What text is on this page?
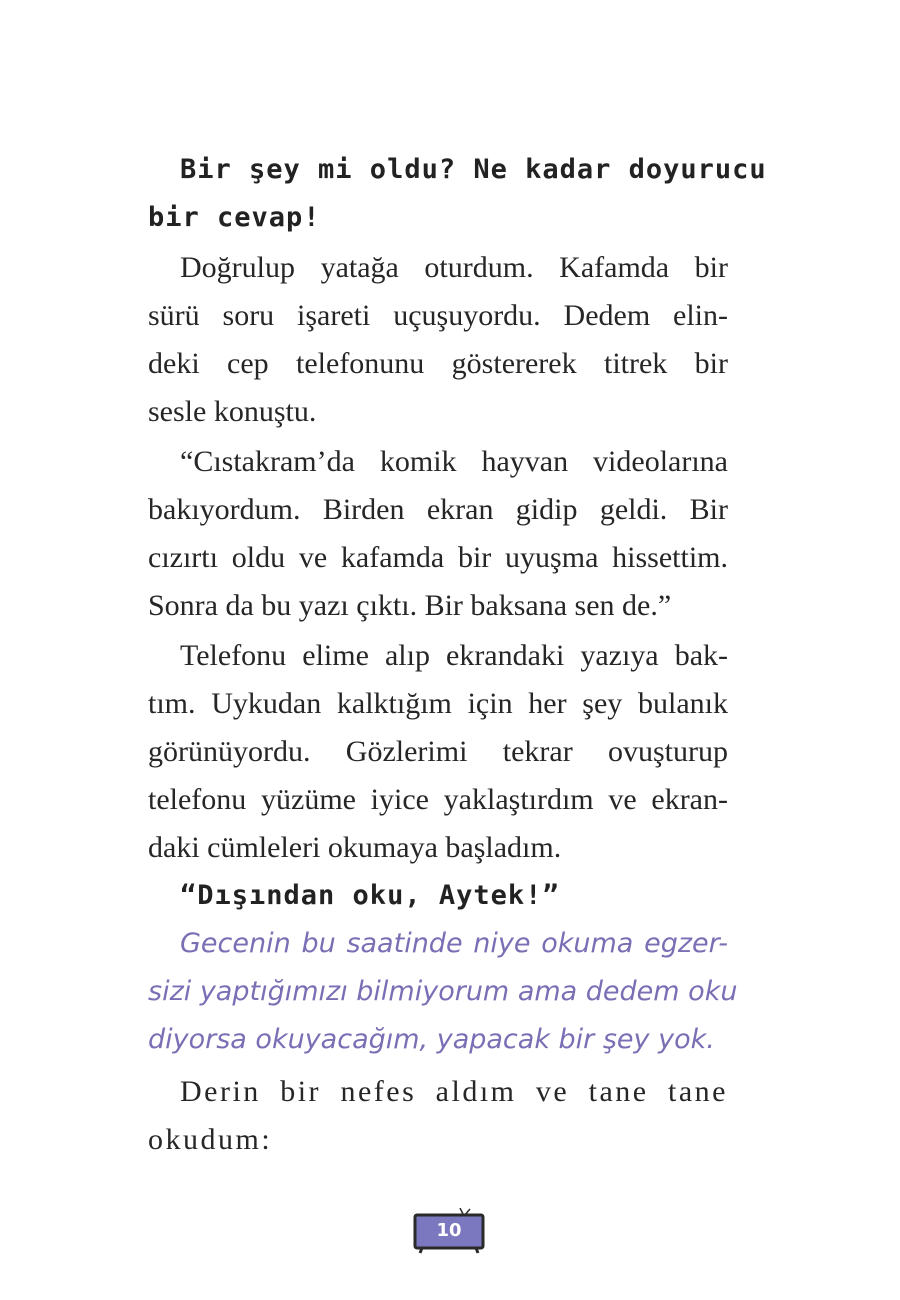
Bir şey mi oldu? Ne kadar doyurucu
bir cevap!
Doğrulup yatağa oturdum. Kafamda bir
sürü soru işareti uçuşuyordu. Dedem elin-
deki cep telefonunu göstererek titrek bir
sesle konuştu.
“Cıstakram’da komik hayvan videolarına
bakıyordum. Birden ekran gidip geldi. Bir
cızırtı oldu ve kafamda bir uyuşma hissettim.
Sonra da bu yazı çıktı. Bir baksana sen de.”
Telefonu elime alıp ekrandaki yazıya bak-
tım. Uykudan kalktığım için her şey bulanık
görünüyordu. Gözlerimi tekrar ovuşturup
telefonu yüzüme iyice yaklaştırdım ve ekran-
daki cümleleri okumaya başladım.
“Dışından oku, Aytek!”
Gecenin bu saatinde niye okuma egzer-
sizi yaptığımızı bilmiyorum ama dedem oku
diyorsa okuyacağım, yapacak bir şey yok.
Derin bir nefes aldım ve tane tane
okudum:
10
